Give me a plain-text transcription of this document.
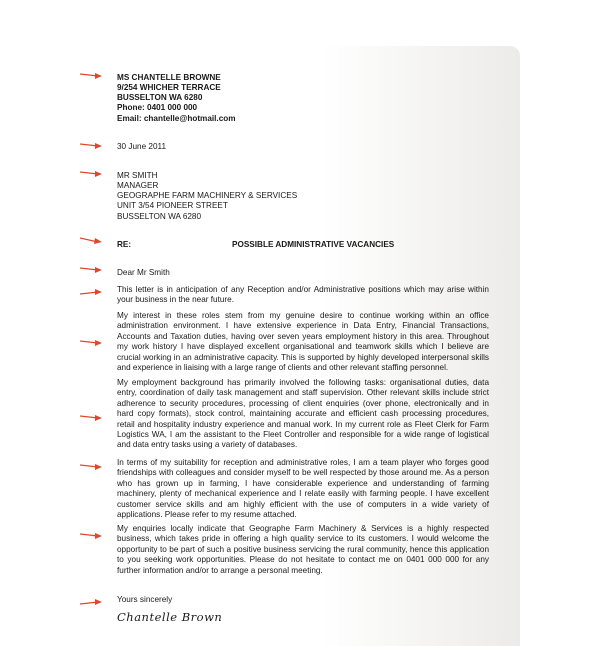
MS CHANTELLE BROWNE
9/254 WHICHER TERRACE
BUSSELTON WA 6280
Phone: 0401 000 000
Email: chantelle@hotmail.com
30 June 2011
MR SMITH
MANAGER
GEOGRAPHE FARM MACHINERY & SERVICES
UNIT 3/54 PIONEER STREET
BUSSELTON WA 6280
RE:	POSSIBLE ADMINISTRATIVE VACANCIES
Dear Mr Smith
This letter is in anticipation of any Reception and/or Administrative positions which may arise within your business in the near future.
My interest in these roles stem from my genuine desire to continue working within an office administration environment. I have extensive experience in Data Entry, Financial Transactions, Accounts and Taxation duties, having over seven years employment history in this area. Throughout my work history I have displayed excellent organisational and teamwork skills which I believe are crucial working in an administrative capacity. This is supported by highly developed interpersonal skills and experience in liaising with a large range of clients and other relevant staffing personnel.
My employment background has primarily involved the following tasks: organisational duties, data entry, coordination of daily task management and staff supervision. Other relevant skills include strict adherence to security procedures, processing of client enquiries (over phone, electronically and in hard copy formats), stock control, maintaining accurate and efficient cash processing procedures, retail and hospitality industry experience and manual work. In my current role as Fleet Clerk for Farm Logistics WA, I am the assistant to the Fleet Controller and responsible for a wide range of logistical and data entry tasks using a variety of databases.
In terms of my suitability for reception and administrative roles, I am a team player who forges good friendships with colleagues and consider myself to be well respected by those around me. As a person who has grown up in farming, I have considerable experience and understanding of farming machinery, plenty of mechanical experience and I relate easily with farming people. I have excellent customer service skills and am highly efficient with the use of computers in a wide variety of applications. Please refer to my resume attached.
My enquiries locally indicate that Geographe Farm Machinery & Services is a highly respected business, which takes pride in offering a high quality service to its customers. I would welcome the opportunity to be part of such a positive business servicing the rural community, hence this application to you seeking work opportunities. Please do not hesitate to contact me on 0401 000 000 for any further information and/or to arrange a personal meeting.
Yours sincerely
Chantelle Brown
